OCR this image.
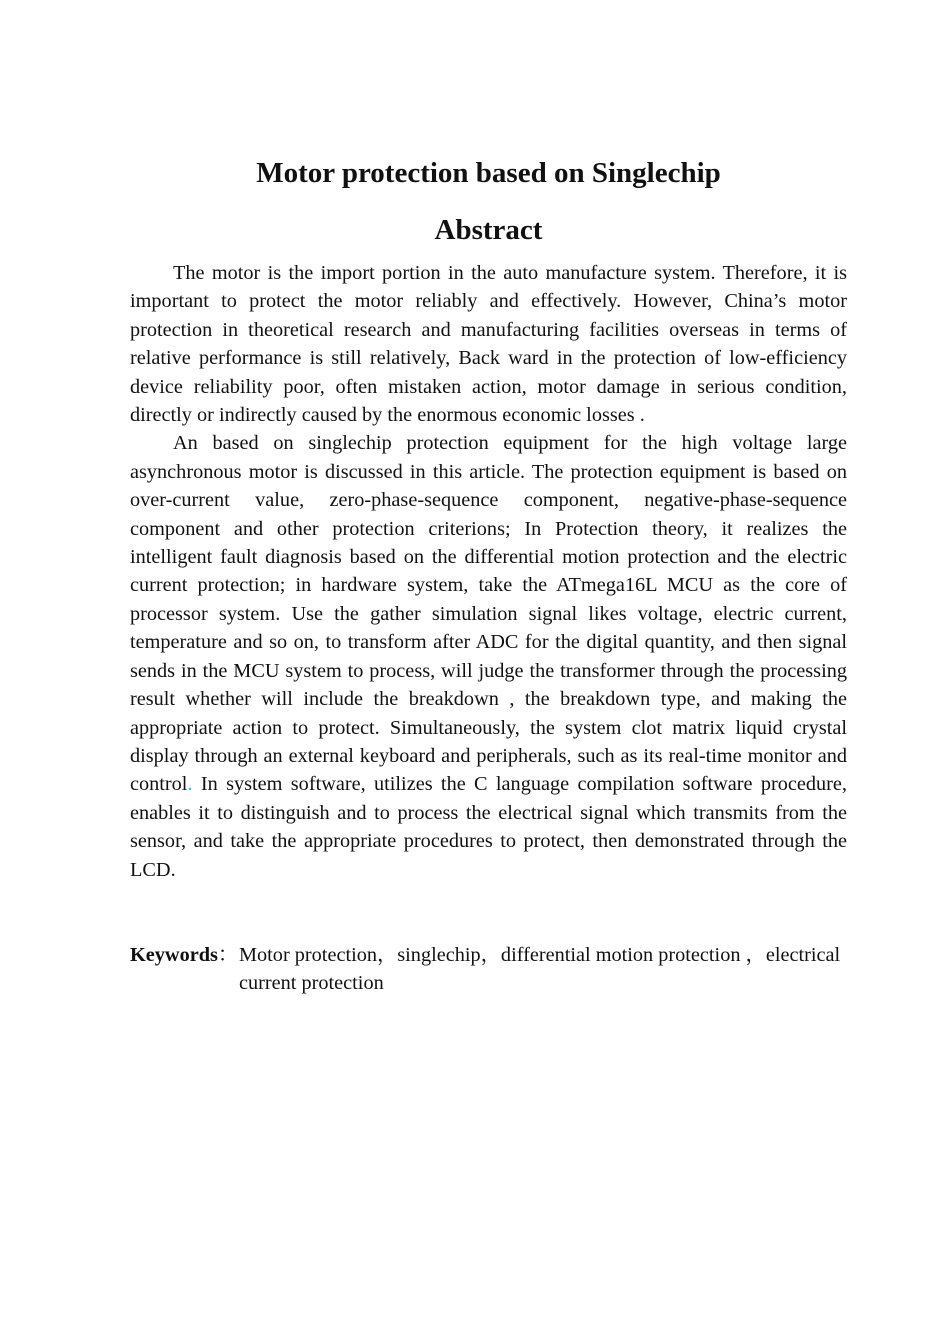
Motor protection based on Singlechip
Abstract

The motor is the import portion in the auto manufacture system. Therefore, it is important to protect the motor reliably and effectively. However, China’s motor protection in theoretical research and manufacturing facilities overseas in terms of relative performance is still relatively, Back ward in the protection of low-efficiency device reliability poor, often mistaken action, motor damage in serious condition, directly or indirectly caused by the enormous economic losses .

An based on singlechip protection equipment for the high voltage large asynchronous motor is discussed in this article. The protection equipment is based on over-current value, zero-phase-sequence component, negative-phase-sequence component and other protection criterions; In Protection theory, it realizes the intelligent fault diagnosis based on the differential motion protection and the electric current protection; in hardware system, take the ATmega16L MCU as the core of processor system. Use the gather simulation signal likes voltage, electric current, temperature and so on, to transform after ADC for the digital quantity, and then signal sends in the MCU system to process, will judge the transformer through the processing result whether will include the breakdown , the breakdown type, and making the appropriate action to protect. Simultaneously, the system clot matrix liquid crystal display through an external keyboard and peripherals, such as its real-time monitor and control. In system software, utilizes the C language compilation software procedure, enables it to distinguish and to process the electrical signal which transmits from the sensor, and take the appropriate procedures to protect, then demonstrated through the LCD.

Keywords： Motor protection，singlechip，differential motion protection ，electrical current protection
